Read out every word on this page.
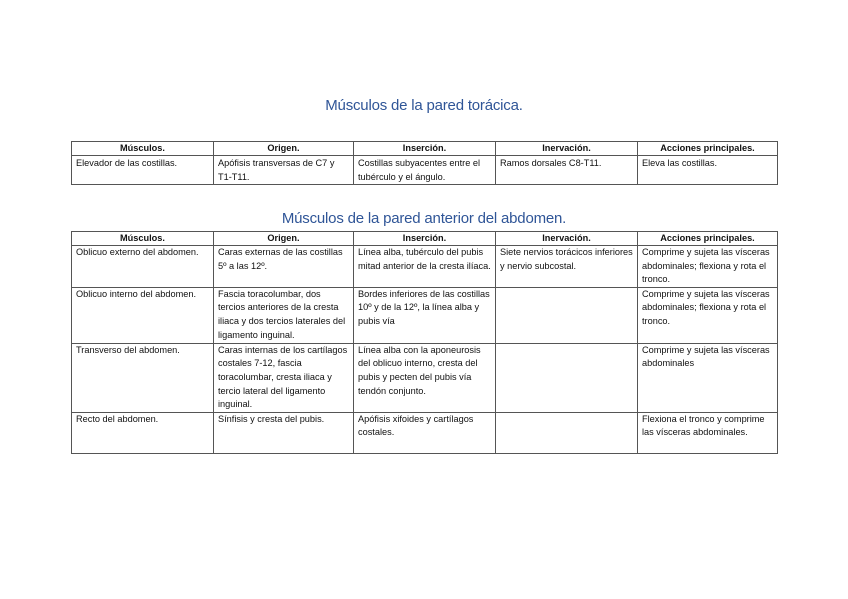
Músculos de la pared torácica.
Músculos.	Origen.	Inserción.	Inervación.	Acciones principales.
Elevador de las costillas.	Apófisis transversas de C7 y T1-T11.	Costillas subyacentes entre el tubérculo y el ángulo.	Ramos dorsales C8-T11.	Eleva las costillas.
Músculos de la pared anterior del abdomen.
Músculos.	Origen.	Inserción.	Inervación.	Acciones principales.
Oblicuo externo del abdomen.	Caras externas de las costillas 5º a las 12º.	Línea alba, tubérculo del pubis mitad anterior de la cresta ilíaca.	Siete nervios torácicos inferiores y nervio subcostal.	Comprime y sujeta las vísceras abdominales; flexiona y rota el tronco.
Oblicuo interno del abdomen.	Fascia toracolumbar, dos tercios anteriores de la cresta iliaca y dos tercios laterales del ligamento inguinal.	Bordes inferiores de las costillas 10º y de la 12º, la línea alba y pubis vía		Comprime y sujeta las vísceras abdominales; flexiona y rota el tronco.
Transverso del abdomen.	Caras internas de los cartílagos costales 7-12, fascia toracolumbar, cresta iliaca y tercio lateral del ligamento inguinal.	Línea alba con la aponeurosis del oblicuo interno, cresta del pubis y pecten del pubis vía tendón conjunto.		Comprime y sujeta las vísceras abdominales
Recto del abdomen.	Sínfisis y cresta del pubis.	Apófisis xifoides y cartílagos costales.		Flexiona el tronco y comprime las vísceras abdominales.
